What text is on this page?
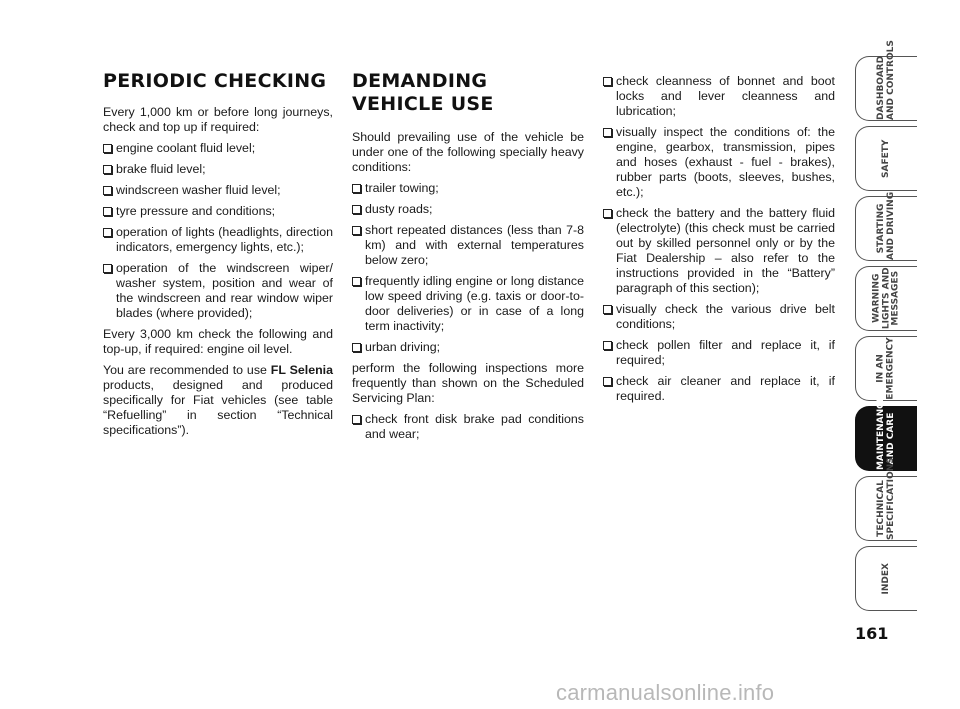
PERIODIC CHECKING

Every 1,000 km or before long journeys, check and top up if required:

engine coolant fluid level;
brake fluid level;
windscreen washer fluid level;
tyre pressure and conditions;
operation of lights (headlights, direction indicators, emergency lights, etc.);
operation of the windscreen wiper/ washer system, position and wear of the windscreen and rear window wiper blades (where provided);

Every 3,000 km check the following and top-up, if required: engine oil level.

You are recommended to use FL Selenia products, designed and produced specifically for Fiat vehicles (see table “Refuelling” in section “Technical specifications”).

DEMANDING
VEHICLE USE

Should prevailing use of the vehicle be under one of the following specially heavy conditions:

trailer towing;
dusty roads;
short repeated distances (less than 7-8 km) and with external temperatures below zero;
frequently idling engine or long distance low speed driving (e.g. taxis or door-to-door deliveries) or in case of a long term inactivity;
urban driving;

perform the following inspections more frequently than shown on the Scheduled Servicing Plan:

check front disk brake pad conditions and wear;
check cleanness of bonnet and boot locks and lever cleanness and lubrication;
visually inspect the conditions of: the engine, gearbox, transmission, pipes and hoses (exhaust - fuel - brakes), rubber parts (boots, sleeves, bushes, etc.);
check the battery and the battery fluid (electrolyte) (this check must be carried out by skilled personnel only or by the Fiat Dealership – also refer to the instructions provided in the “Battery” paragraph of this section);
visually check the various drive belt conditions;
check pollen filter and replace it, if required;
check air cleaner and replace it, if required.
DASHBOARD
AND CONTROLS
SAFETY
STARTING
AND DRIVING
WARNING
LIGHTS AND
MESSAGES
IN AN
EMERGENCY
MAINTENANCE
AND CARE
TECHNICAL
SPECIFICATIONS
INDEX
161
carmanualsonline.info
